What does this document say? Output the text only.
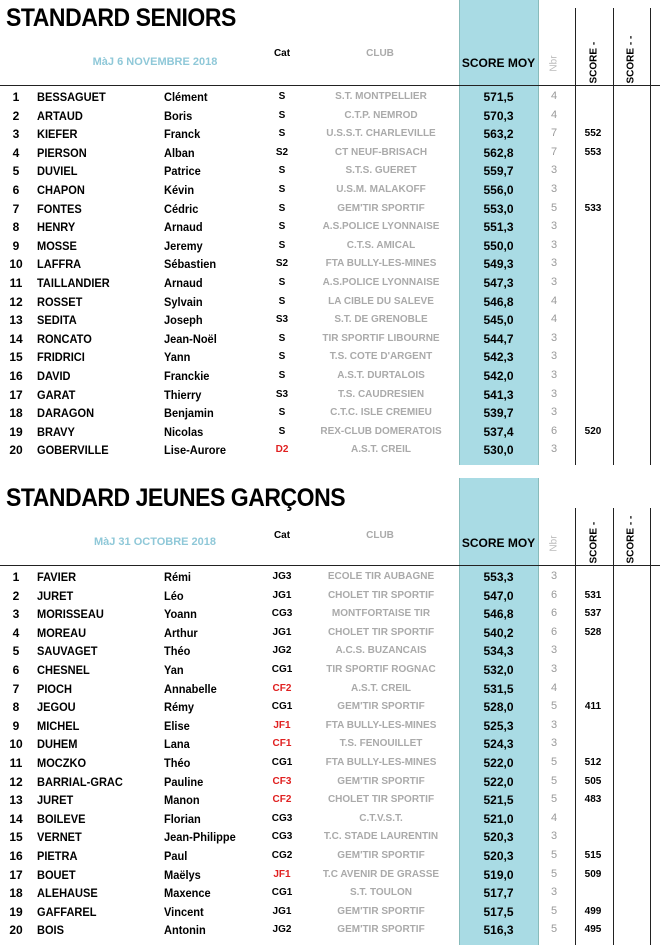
STANDARD SENIORS
MàJ 6 NOVEMBRE 2018
Cat	CLUB
SCORE MOY Nbr	SCORE -	SCORE - -
1	BESSAGUET	Clément	S	S.T. MONTPELLIER	571,5	4
2	ARTAUD	Boris	S	C.T.P. NEMROD	570,3	4
3	KIEFER	Franck	S	U.S.S.T. CHARLEVILLE	563,2	7	552
4	PIERSON	Alban	S2	CT NEUF-BRISACH	562,8	7	553
5	DUVIEL	Patrice	S	S.T.S. GUERET	559,7	3
6	CHAPON	Kévin	S	U.S.M. MALAKOFF	556,0	3
7	FONTES	Cédric	S	GEM'TIR SPORTIF	553,0	5	533
8	HENRY	Arnaud	S	A.S.POLICE LYONNAISE	551,3	3
9	MOSSE	Jeremy	S	C.T.S. AMICAL	550,0	3
10	LAFFRA	Sébastien	S2	FTA BULLY-LES-MINES	549,3	3
11	TAILLANDIER	Arnaud	S	A.S.POLICE LYONNAISE	547,3	3
12	ROSSET	Sylvain	S	LA CIBLE DU SALEVE	546,8	4
13	SEDITA	Joseph	S3	S.T. DE GRENOBLE	545,0	4
14	RONCATO	Jean-Noël	S	TIR SPORTIF LIBOURNE	544,7	3
15	FRIDRICI	Yann	S	T.S. COTE D'ARGENT	542,3	3
16	DAVID	Franckie	S	A.S.T. DURTALOIS	542,0	3
17	GARAT	Thierry	S3	T.S. CAUDRESIEN	541,3	3
18	DARAGON	Benjamin	S	C.T.C. ISLE CREMIEU	539,7	3
19	BRAVY	Nicolas	S	REX-CLUB DOMERATOIS	537,4	6	520
20	GOBERVILLE	Lise-Aurore	D2	A.S.T. CREIL	530,0	3
STANDARD JEUNES GARÇONS
MàJ 31 OCTOBRE 2018
Cat	CLUB
SCORE MOY Nbr	SCORE -	SCORE - -
1	FAVIER	Rémi	JG3	ECOLE TIR AUBAGNE	553,3	3
2	JURET	Léo	JG1	CHOLET TIR SPORTIF	547,0	6	531
3	MORISSEAU	Yoann	CG3	MONTFORTAISE TIR	546,8	6	537
4	MOREAU	Arthur	JG1	CHOLET TIR SPORTIF	540,2	6	528
5	SAUVAGET	Théo	JG2	A.C.S. BUZANCAIS	534,3	3
6	CHESNEL	Yan	CG1	TIR SPORTIF ROGNAC	532,0	3
7	PIOCH	Annabelle	CF2	A.S.T. CREIL	531,5	4
8	JEGOU	Rémy	CG1	GEM'TIR SPORTIF	528,0	5	411
9	MICHEL	Elise	JF1	FTA BULLY-LES-MINES	525,3	3
10	DUHEM	Lana	CF1	T.S. FENOUILLET	524,3	3
11	MOCZKO	Théo	CG1	FTA BULLY-LES-MINES	522,0	5	512
12	BARRIAL-GRAC	Pauline	CF3	GEM'TIR SPORTIF	522,0	5	505
13	JURET	Manon	CF2	CHOLET TIR SPORTIF	521,5	5	483
14	BOILEVE	Florian	CG3	C.T.V.S.T.	521,0	4
15	VERNET	Jean-Philippe	CG3	T.C. STADE LAURENTIN	520,3	3
16	PIETRA	Paul	CG2	GEM'TIR SPORTIF	520,3	5	515
17	BOUET	Maëlys	JF1	T.C AVENIR DE GRASSE	519,0	5	509
18	ALEHAUSE	Maxence	CG1	S.T. TOULON	517,7	3
19	GAFFAREL	Vincent	JG1	GEM'TIR SPORTIF	517,5	5	499
20	BOIS	Antonin	JG2	GEM'TIR SPORTIF	516,3	5	495
